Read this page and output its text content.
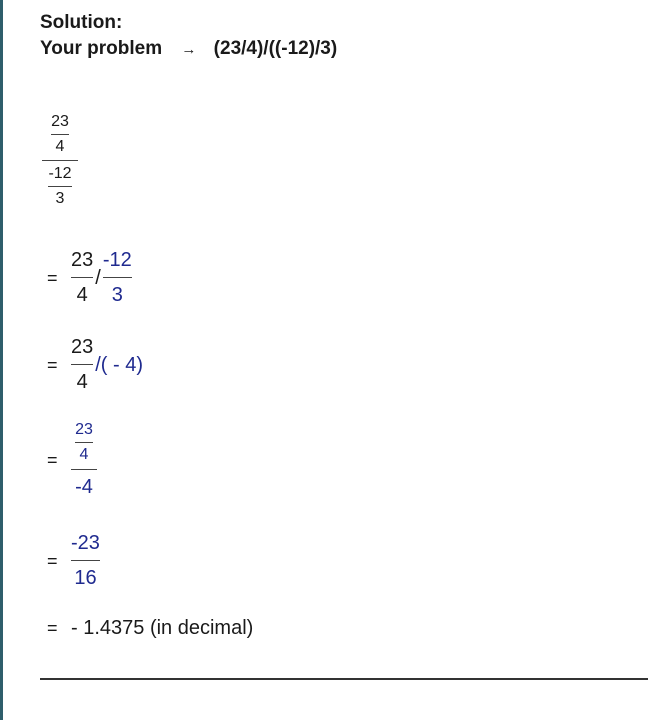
Solution:
Your problem → (23/4)/((-12)/3)
$\frac{23}{4}$
$\frac{-12}{3}$
= $\frac{23}{4} / \frac{-12}{3}$
= $\frac{23}{4}$ /( - 4)
= $\frac{\frac{23}{4}}{-4}$
= $\frac{-23}{16}$
= - 1.4375 (in decimal)
